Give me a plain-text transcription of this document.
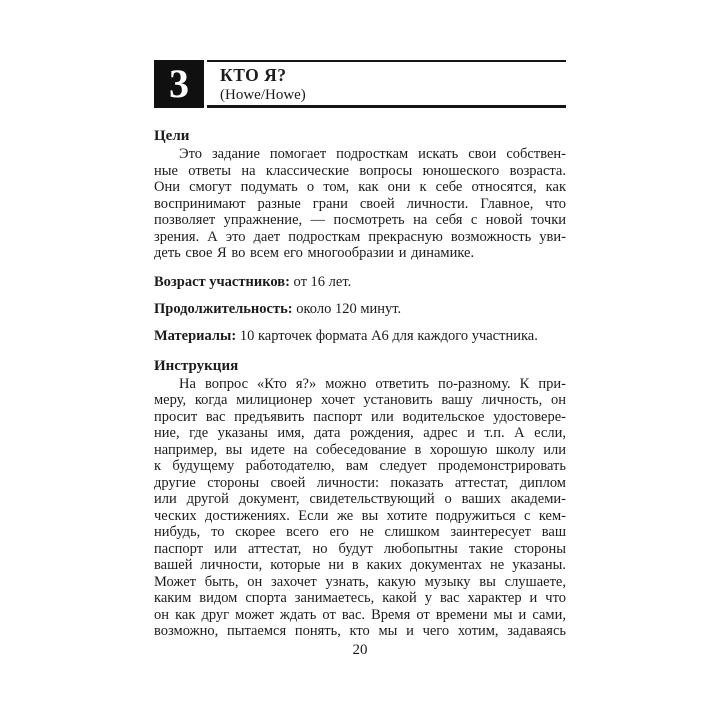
3 КТО Я?
(Howe/Howe)
Цели
Это задание помогает подросткам искать свои собствен-
ные ответы на классические вопросы юношеского возраста.
Они смогут подумать о том, как они к себе относятся, как
воспринимают разные грани своей личности. Главное, что
позволяет упражнение, — посмотреть на себя с новой точки
зрения. А это дает подросткам прекрасную возможность уви-
деть свое Я во всем его многообразии и динамике.
Возраст участников: от 16 лет.
Продолжительность: около 120 минут.
Материалы: 10 карточек формата А6 для каждого участника.
Инструкция
На вопрос «Кто я?» можно ответить по-разному. К при-
меру, когда милиционер хочет установить вашу личность, он
просит вас предъявить паспорт или водительское удостовере-
ние, где указаны имя, дата рождения, адрес и т.п. А если,
например, вы идете на собеседование в хорошую школу или
к будущему работодателю, вам следует продемонстрировать
другие стороны своей личности: показать аттестат, диплом
или другой документ, свидетельствующий о ваших академи-
ческих достижениях. Если же вы хотите подружиться с кем-
нибудь, то скорее всего его не слишком заинтересует ваш
паспорт или аттестат, но будут любопытны такие стороны
вашей личности, которые ни в каких документах не указаны.
Может быть, он захочет узнать, какую музыку вы слушаете,
каким видом спорта занимаетесь, какой у вас характер и что
он как друг может ждать от вас. Время от времени мы и сами,
возможно, пытаемся понять, кто мы и чего хотим, задаваясь
20
